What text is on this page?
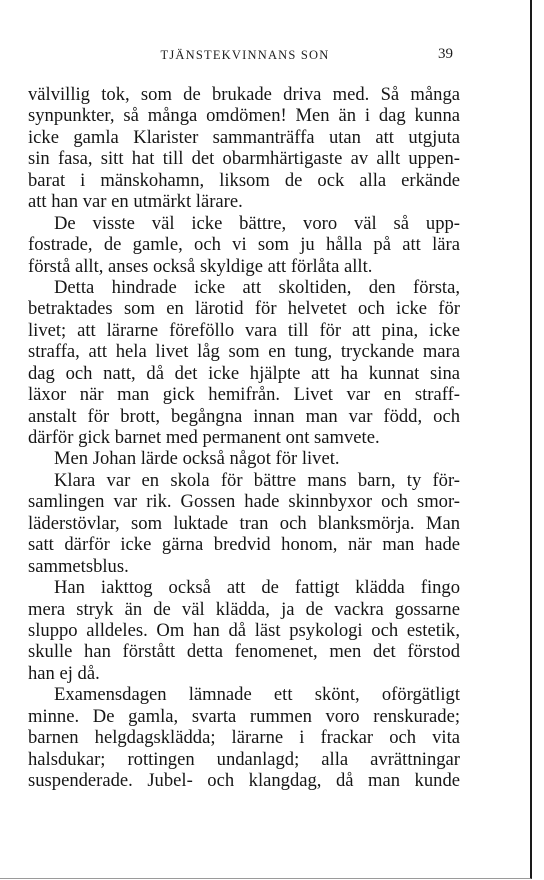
TJÄNSTEKVINNANS SON	39
välvillig tok, som de brukade driva med. Så många
synpunkter, så många omdömen! Men än i dag kunna
icke gamla Klarister sammanträffa utan att utgjuta
sin fasa, sitt hat till det obarmhärtigaste av allt uppen-
barat i mänskohamn, liksom de ock alla erkände
att han var en utmärkt lärare.
De visste väl icke bättre, voro väl så upp-
fostrade, de gamle, och vi som ju hålla på att lära
förstå allt, anses också skyldige att förlåta allt.
Detta hindrade icke att skoltiden, den första,
betraktades som en lärotid för helvetet och icke för
livet; att lärarne föreföllo vara till för att pina, icke
straffa, att hela livet låg som en tung, tryckande mara
dag och natt, då det icke hjälpte att ha kunnat sina
läxor när man gick hemifrån. Livet var en straff-
anstalt för brott, begångna innan man var född, och
därför gick barnet med permanent ont samvete.
Men Johan lärde också något för livet.
Klara var en skola för bättre mans barn, ty för-
samlingen var rik. Gossen hade skinnbyxor och smor-
läderstövlar, som luktade tran och blanksmörja. Man
satt därför icke gärna bredvid honom, när man hade
sammetsblus.
Han iakttog också att de fattigt klädda fingo
mera stryk än de väl klädda, ja de vackra gossarne
sluppo alldeles. Om han då läst psykologi och estetik,
skulle han förstått detta fenomenet, men det förstod
han ej då.
Examensdagen lämnade ett skönt, oförgätligt
minne. De gamla, svarta rummen voro renskurade;
barnen helgdagsklädda; lärarne i frackar och vita
halsdukar; rottingen undanlagd; alla avrättningar
suspenderade. Jubel- och klangdag, då man kunde
